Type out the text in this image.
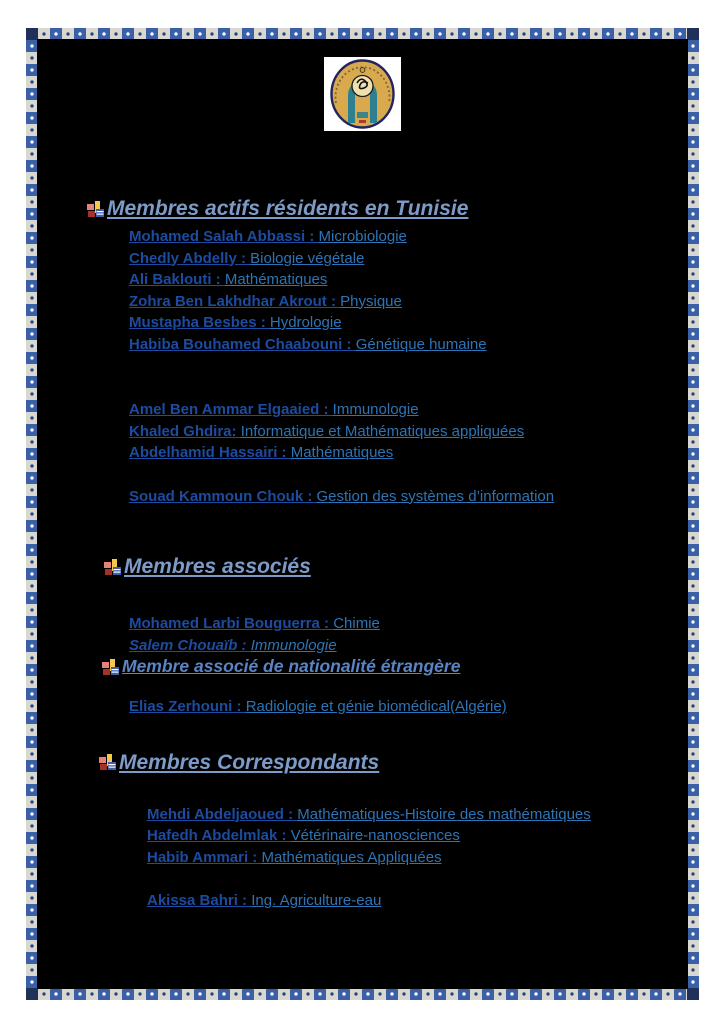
Membres actifs résidents en Tunisie
Mohamed Salah Abbassi : Microbiologie
Chedly Abdelly : Biologie végétale
Ali Baklouti : Mathématiques
Zohra Ben Lakhdhar Akrout : Physique
Mustapha Besbes : Hydrologie
Habiba Bouhamed Chaabouni : Génétique humaine
Amel Ben Ammar Elgaaied : Immunologie
Khaled Ghdira: Informatique et Mathématiques appliquées
Abdelhamid Hassairi : Mathématiques
Souad Kammoun Chouk : Gestion des systèmes d’information
Membres associés
Mohamed Larbi Bouguerra : Chimie
Salem Chouaïb : Immunologie
Membre associé de nationalité étrangère
Elias Zerhouni : Radiologie et génie biomédical(Algérie)
Membres Correspondants
Mehdi Abdeljaoued : Mathématiques-Histoire des mathématiques
Hafedh Abdelmlak : Vétérinaire-nanosciences
Habib Ammari : Mathématiques Appliquées
Akissa Bahri : Ing. Agriculture-eau
